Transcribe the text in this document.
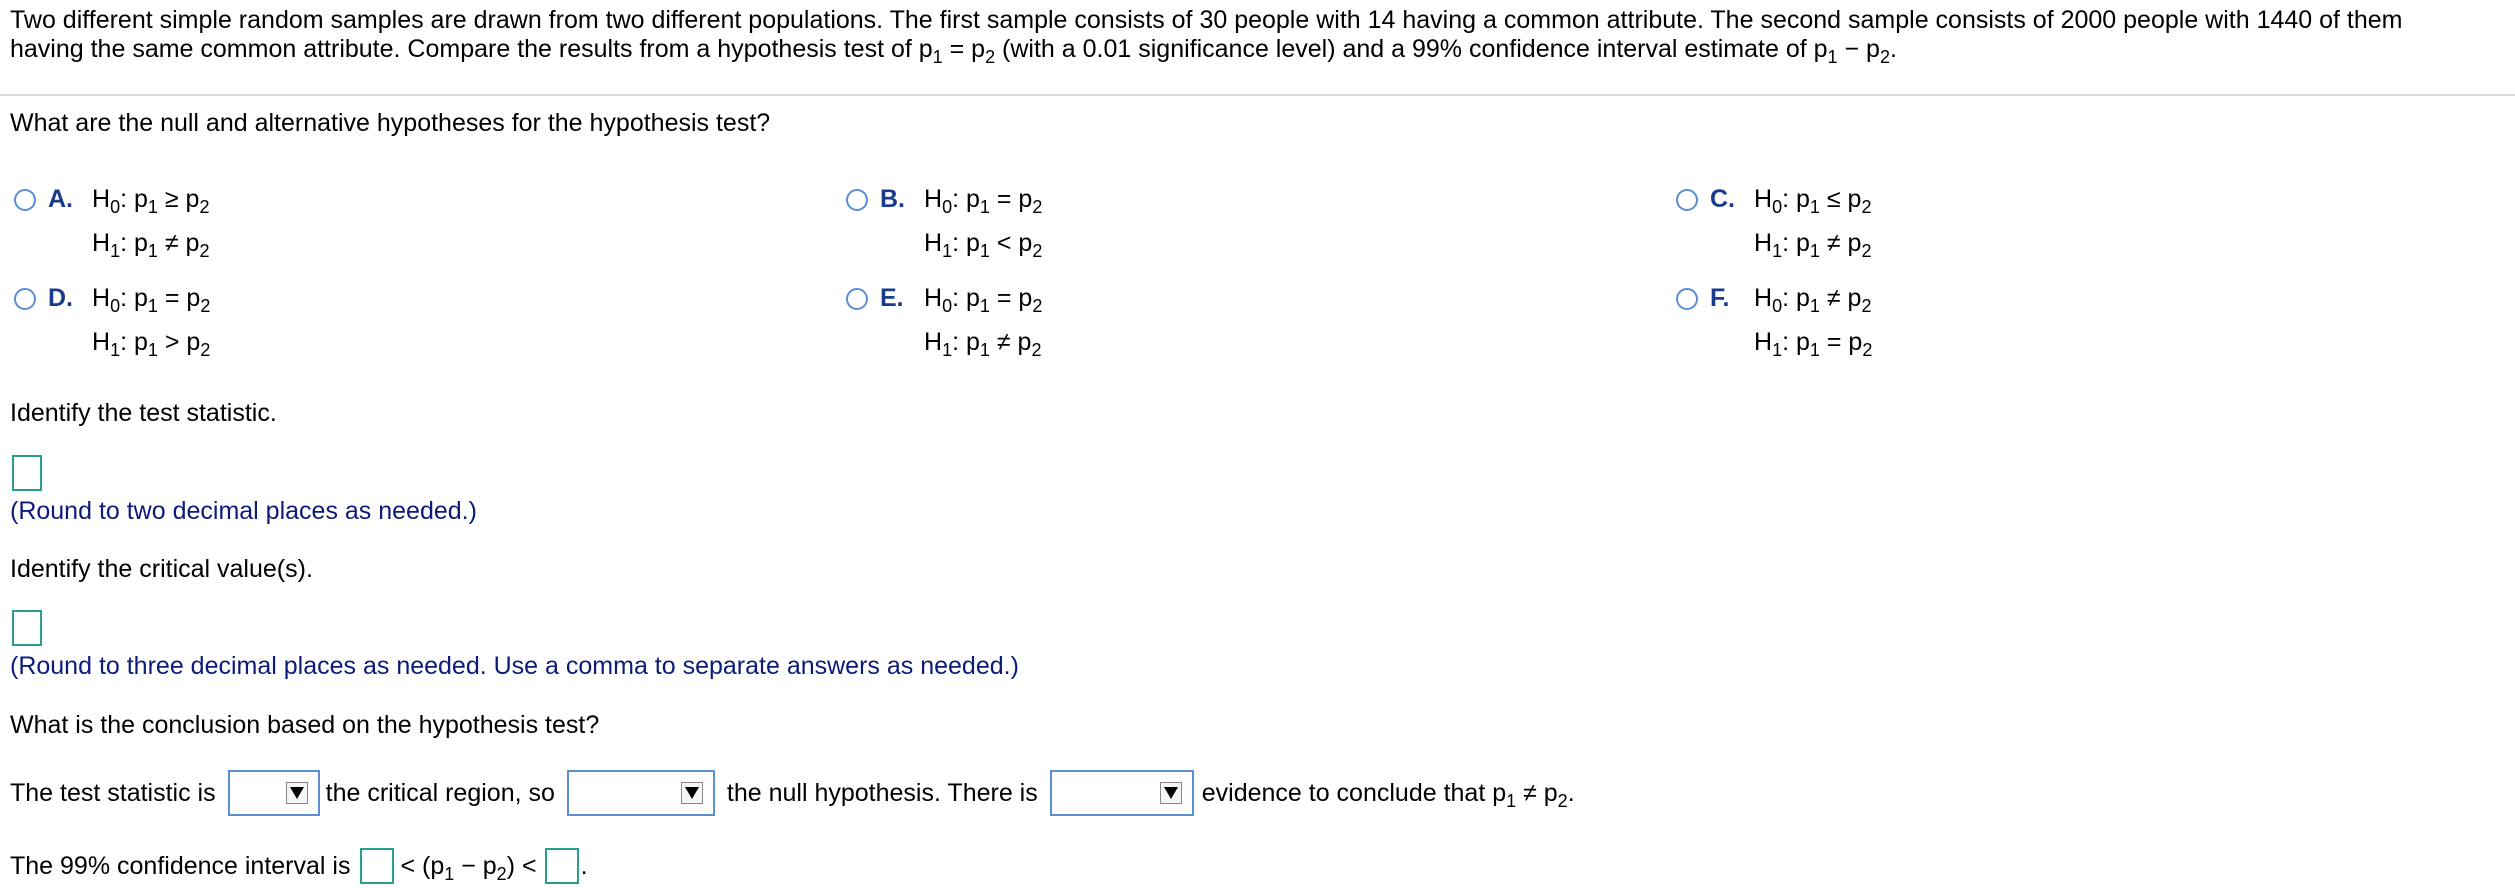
Two different simple random samples are drawn from two different populations. The first sample consists of 30 people with 14 having a common attribute. The second sample consists of 2000 people with 1440 of them
having the same common attribute. Compare the results from a hypothesis test of $p_1 = p_2$ (with a 0.01 significance level) and a 99% confidence interval estimate of $p_1 - p_2$.
What are the null and alternative hypotheses for the hypothesis test?
A. $H_0$: $p_1 \ge p_2$
$H_1$: $p_1 \ne p_2$
B. $H_0$: $p_1 = p_2$
$H_1$: $p_1 < p_2$
C. $H_0$: $p_1 \le p_2$
$H_1$: $p_1 \ne p_2$
D. $H_0$: $p_1 = p_2$
$H_1$: $p_1 > p_2$
E. $H_0$: $p_1 = p_2$
$H_1$: $p_1 \ne p_2$
F. $H_0$: $p_1 \ne p_2$
$H_1$: $p_1 = p_2$
Identify the test statistic.
(Round to two decimal places as needed.)
Identify the critical value(s).
(Round to three decimal places as needed. Use a comma to separate answers as needed.)
What is the conclusion based on the hypothesis test?
The test statistic is	the critical region, so	the null hypothesis. There is	evidence to conclude that $p_1 \ne p_2$.
The 99% confidence interval is < $(p_1 - p_2)$ < .
